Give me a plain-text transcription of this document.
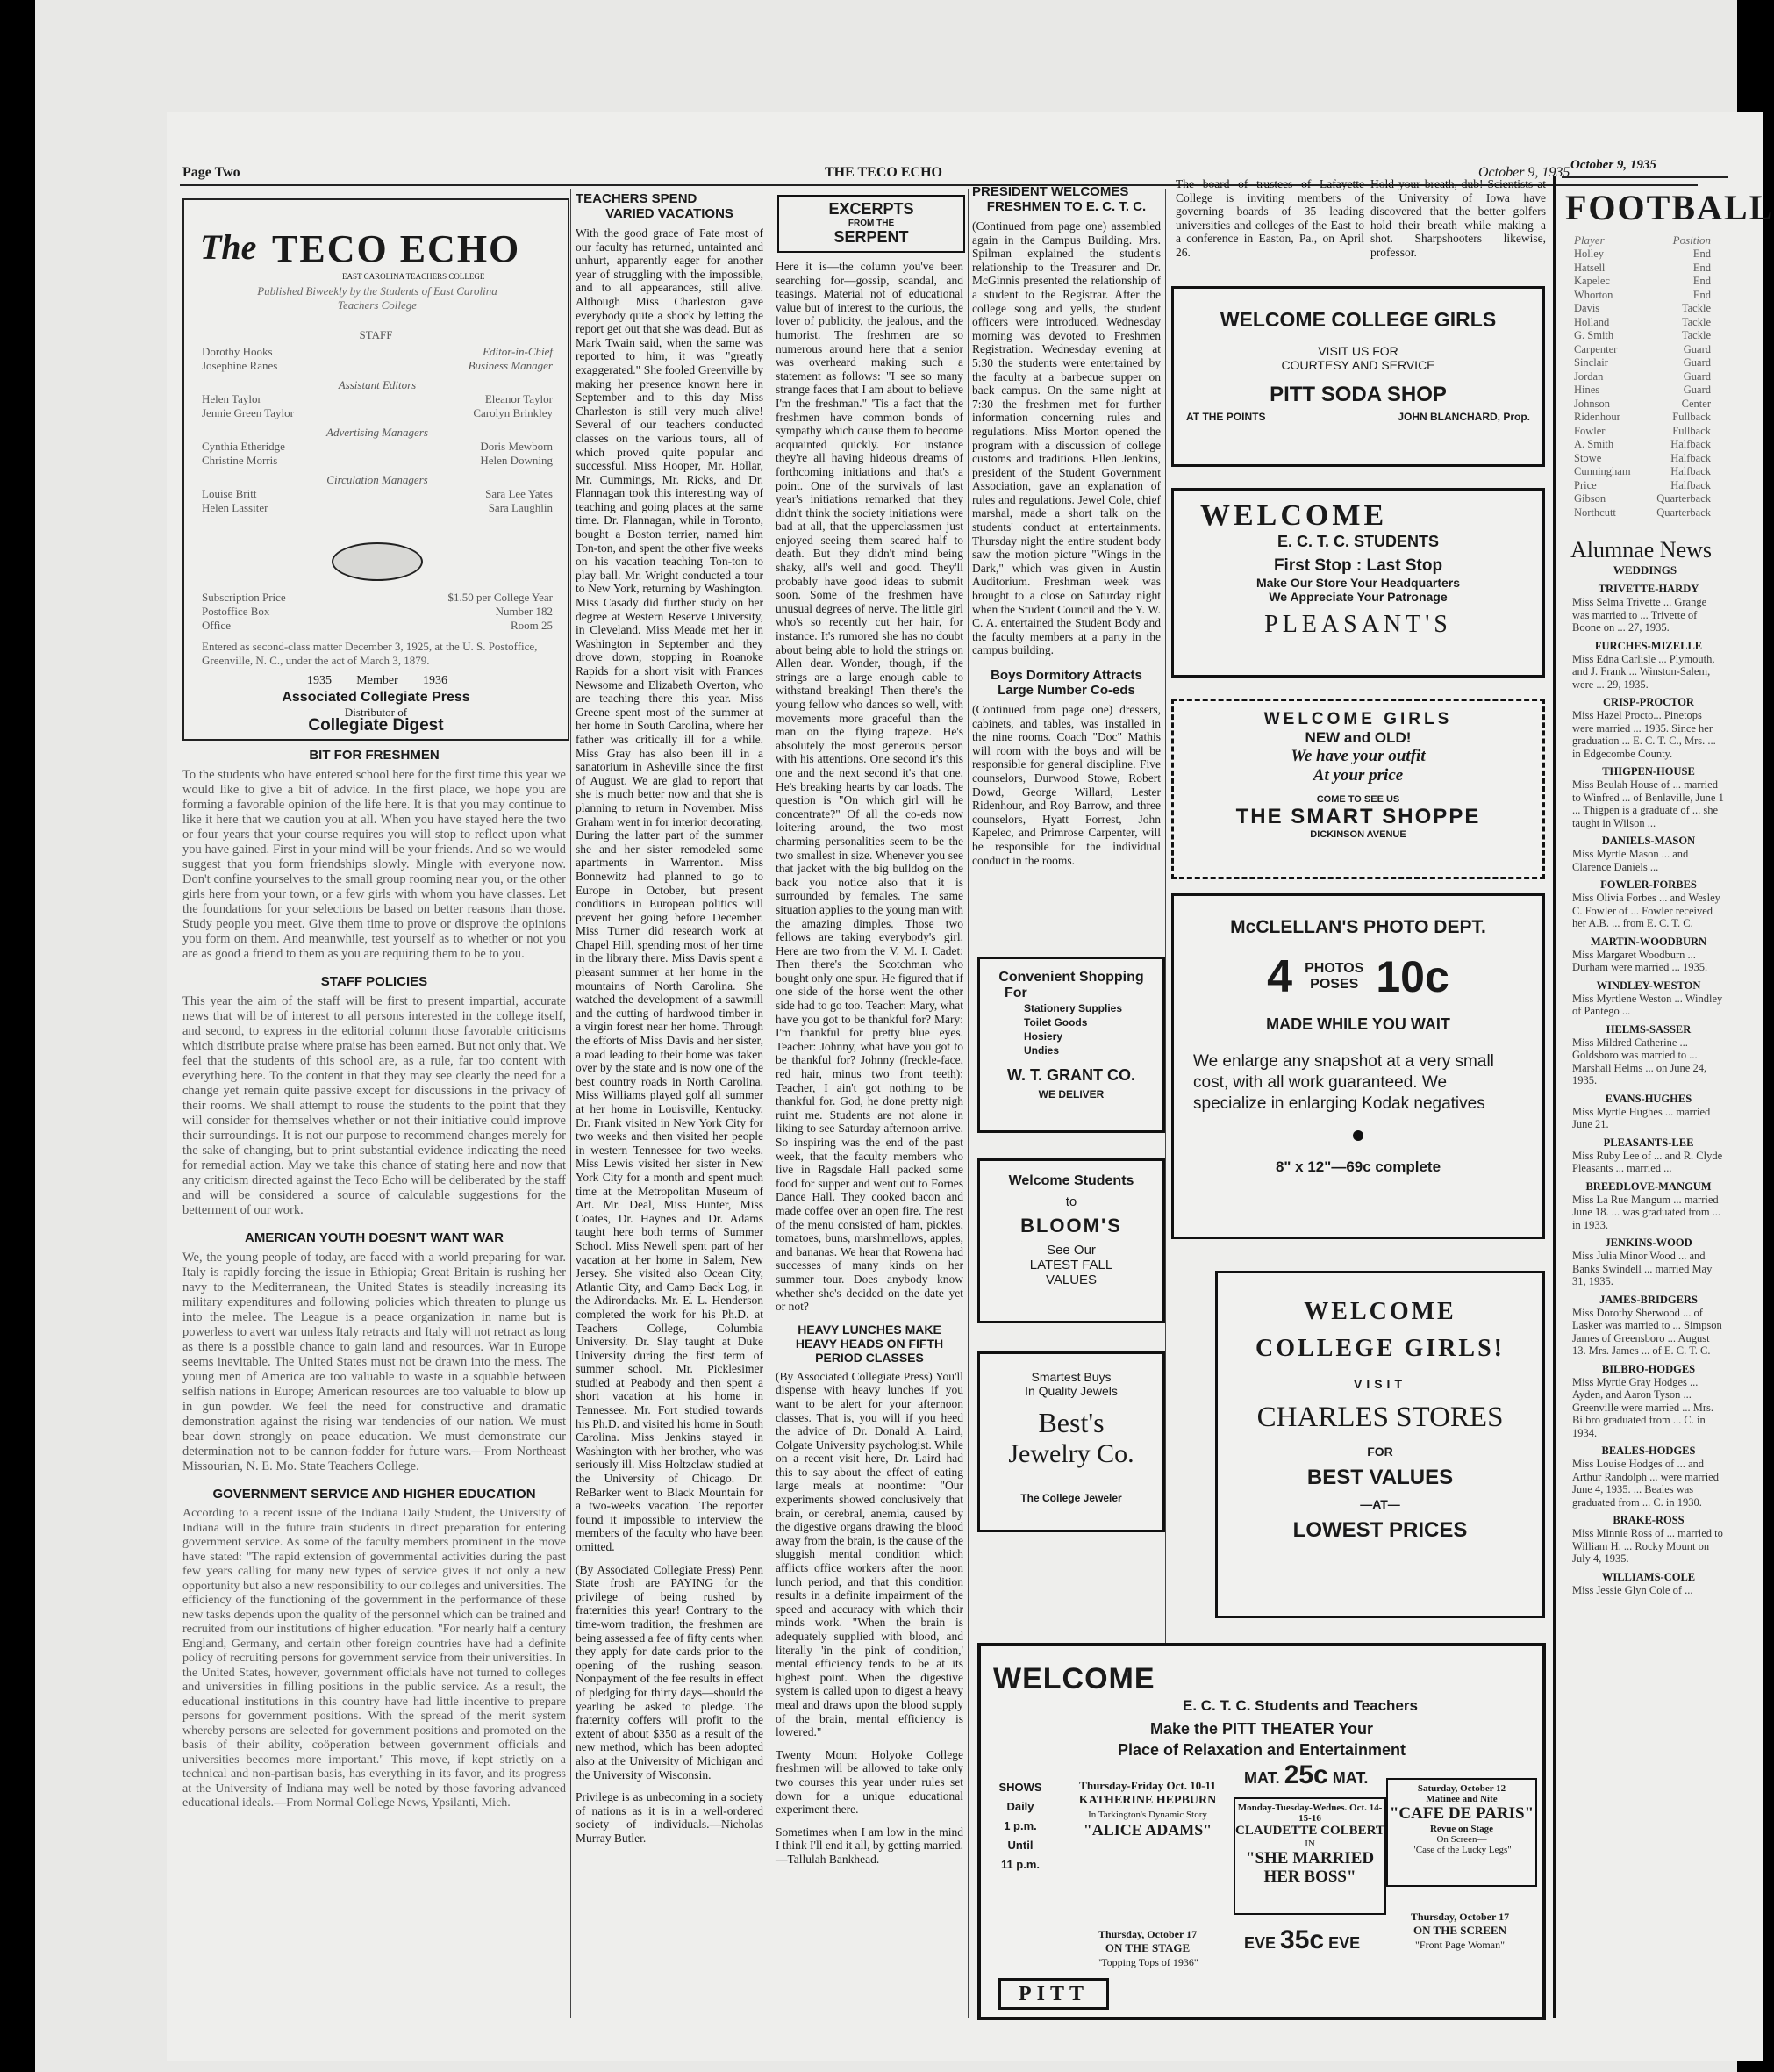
Page Two	THE TECO ECHO	October 9, 1935
The TECO ECHO
EAST CAROLINA TEACHERS COLLEGE
Published Biweekly by the Students of East Carolina Teachers College
STAFF
Dorothy Hooks	Editor-in-Chief
Josephine Ranes	Business Manager
Assistant Editors
Helen Taylor	Eleanor Taylor
Jennie Green Taylor	Carolyn Brinkley
Advertising Managers
Cynthia Etheridge	Doris Mewborn
Christine Morris	Helen Downing
Circulation Managers
Louise Britt	Sara Lee Yates
Helen Lassiter	Sara Laughlin
Subscription Price	$1.50 per College Year
Postoffice Box	Number 182
Office	Room 25
Entered as second-class matter December 3, 1925, at the U. S. Postoffice, Greenville, N. C., under the act of March 3, 1879.
1935 Member 1936
Associated Collegiate Press
Distributor of
Collegiate Digest
BIT FOR FRESHMEN
To the students who have entered school here for the first time this year we would like to give a bit of advice. In the first place, we hope you are forming a favorable opinion of the life here. It is that you may continue to like it here that we caution you at all. When you have stayed here the two or four years that your course requires you will stop to reflect upon what you have gained. First in your mind will be your friends. And so we would suggest that you form friendships slowly. Mingle with everyone now. Don't confine yourselves to the small group rooming near you, or the other girls here from your town, or a few girls with whom you have classes. Let the foundations for your selections be based on better reasons than those. Study people you meet. Give them time to prove or disprove the opinions you form on them. And meanwhile, test yourself as to whether or not you are as good a friend to them as you are requiring them to be to you.
STAFF POLICIES
This year the aim of the staff will be first to present impartial, accurate news that will be of interest to all persons interested in the college itself, and second, to express in the editorial column those favorable criticisms which distribute praise where praise has been earned. But not only that. We feel that the students of this school are, as a rule, far too content with everything here. To the content in that they may see clearly the need for a change yet remain quite passive except for discussions in the privacy of their rooms. We shall attempt to rouse the students to the point that they will consider for themselves whether or not their initiative could improve their surroundings. It is not our purpose to recommend changes merely for the sake of changing, but to print substantial evidence indicating the need for remedial action. May we take this chance of stating here and now that any criticism directed against the Teco Echo will be deliberated by the staff and will be considered a source of calculable suggestions for the betterment of our work.
AMERICAN YOUTH DOESN'T WANT WAR
We, the young people of today, are faced with a world preparing for war. Italy is rapidly forcing the issue in Ethiopia; Great Britain is rushing her navy to the Mediterranean, the United States is steadily increasing its military expenditures and following policies which threaten to plunge us into the melee. The League is a peace organization in name but is powerless to avert war unless Italy retracts and Italy will not retract as long as there is a possible chance to gain land and resources. War in Europe seems inevitable. The United States must not be drawn into the mess. The young men of America are too valuable to waste in a squabble between selfish nations in Europe; American resources are too valuable to blow up in gun powder. We feel the need for constructive and dramatic demonstration against the rising war tendencies of our nation. We must bear down strongly on peace education. We must demonstrate our determination not to be cannon-fodder for future wars.—From Northeast Missourian, N. E. Mo. State Teachers College.
GOVERNMENT SERVICE AND HIGHER EDUCATION
According to a recent issue of the Indiana Daily Student, the University of Indiana will in the future train students in direct preparation for entering government service. As some of the faculty members prominent in the move have stated: "The rapid extension of governmental activities during the past few years calling for many new types of service gives it not only a new opportunity but also a new responsibility to our colleges and universities. The efficiency of the functioning of the government in the performance of these new tasks depends upon the quality of the personnel which can be trained and recruited from our institutions of higher education. "For nearly half a century England, Germany, and certain other foreign countries have had a definite policy of recruiting persons for government service from their universities. In the United States, however, government officials have not turned to colleges and universities in filling positions in the public service. As a result, the educational institutions in this country have had little incentive to prepare persons for government positions. With the spread of the merit system whereby persons are selected for government positions and promoted on the basis of their ability, coöperation between government officials and universities becomes more important." This move, if kept strictly on a technical and non-partisan basis, has everything in its favor, and its progress at the University of Indiana may well be noted by those favoring advanced educational ideals.—From Normal College News, Ypsilanti, Mich.
TEACHERS SPEND
VARIED VACATIONS
With the good grace of Fate most of our faculty has returned, untainted and unhurt, apparently eager for another year of struggling with the impossible, and to all appearances, still alive. Although Miss Charleston gave everybody quite a shock by letting the report get out that she was dead. But as Mark Twain said, when the same was reported to him, it was "greatly exaggerated." She fooled Greenville by making her presence known here in September and to this day Miss Charleston is still very much alive! Several of our teachers conducted classes on the various tours, all of which proved quite popular and successful. Miss Hooper, Mr. Hollar, Mr. Cummings, Mr. Ricks, and Dr. Flannagan took this interesting way of teaching and going places at the same time. Dr. Flannagan, while in Toronto, bought a Boston terrier, named him Ton-ton, and spent the other five weeks on his vacation teaching Ton-ton to play ball. Mr. Wright conducted a tour to New York, returning by Washington. Miss Casady did further study on her degree at Western Reserve University, in Cleveland. Miss Meade met her in Washington in September and they drove down, stopping in Roanoke Rapids for a short visit with Frances Newsome and Elizabeth Overton, who are teaching there this year. Miss Greene spent most of the summer at her home in South Carolina, where her father was critically ill for a while. Miss Gray has also been ill in a sanatorium in Asheville since the first of August. We are glad to report that she is much better now and that she is planning to return in November. Miss Graham went in for interior decorating. During the latter part of the summer she and her sister remodeled some apartments in Warrenton. Miss Bonnewitz had planned to go to Europe in October, but present conditions in European politics will prevent her going before December. Miss Turner did research work at Chapel Hill, spending most of her time in the library there. Miss Davis spent a pleasant summer at her home in the mountains of North Carolina. She watched the development of a sawmill and the cutting of hardwood timber in a virgin forest near her home. Through the efforts of Miss Davis and her sister, a road leading to their home was taken over by the state and is now one of the best country roads in North Carolina. Miss Williams played golf all summer at her home in Louisville, Kentucky. Dr. Frank visited in New York City for two weeks and then visited her people in western Tennessee for two weeks. Miss Lewis visited her sister in New York City for a month and spent much time at the Metropolitan Museum of Art. Mr. Deal, Miss Hunter, Miss Coates, Dr. Haynes and Dr. Adams taught here both terms of Summer School. Miss Newell spent part of her vacation at her home in Salem, New Jersey. She visited also Ocean City, Atlantic City, and Camp Back Log, in the Adirondacks. Mr. E. L. Henderson completed the work for his Ph.D. at Teachers College, Columbia University. Dr. Slay taught at Duke University during the first term of summer school. Mr. Picklesimer studied at Peabody and then spent a short vacation at his home in Tennessee. Mr. Fort studied towards his Ph.D. and visited his home in South Carolina. Miss Jenkins stayed in Washington with her brother, who was seriously ill. Miss Holtzclaw studied at the University of Chicago. Dr. ReBarker went to Black Mountain for a two-weeks vacation. The reporter found it impossible to interview the members of the faculty who have been omitted.
(By Associated Collegiate Press) Penn State frosh are PAYING for the privilege of being rushed by fraternities this year! Contrary to the time-worn tradition, the freshmen are being assessed a fee of fifty cents when they apply for date cards prior to the opening of the rushing season. Nonpayment of the fee results in effect of pledging for thirty days—should the yearling be asked to pledge. The fraternity coffers will profit to the extent of about $350 as a result of the new method, which has been adopted also at the University of Michigan and the University of Wisconsin.
Privilege is as unbecoming in a society of nations as it is in a well-ordered society of individuals.—Nicholas Murray Butler.
EXCERPTS
FROM THE
SERPENT
Here it is—the column you've been searching for—gossip, scandal, and teasings. Material not of educational value but of interest to the curious, the lover of publicity, the jealous, and the humorist. The freshmen are so numerous around here that a senior was overheard making such a statement as follows: "I see so many strange faces that I am about to believe I'm the freshman." 'Tis a fact that the freshmen have common bonds of sympathy which cause them to become acquainted quickly. For instance they're all having hideous dreams of forthcoming initiations and that's a point. One of the survivals of last year's initiations remarked that they didn't think the society initiations were bad at all, that the upperclassmen just enjoyed seeing them scared half to death. But they didn't mind being shaky, all's well and good. They'll probably have good ideas to submit soon. Some of the freshmen have unusual degrees of nerve. The little girl who's so recently cut her hair, for instance. It's rumored she has no doubt about being able to hold the strings on Allen dear. Wonder, though, if the strings are a large enough cable to withstand breaking! Then there's the young fellow who dances so well, with movements more graceful than the man on the flying trapeze. He's absolutely the most generous person with his attentions. One second it's this one and the next second it's that one. He's breaking hearts by car loads. The question is "On which girl will he concentrate?" Of all the co-eds now loitering around, the two most charming personalities seem to be the two smallest in size. Whenever you see that jacket with the big bulldog on the back you notice also that it is surrounded by females. The same situation applies to the young man with the amazing dimples. Those two fellows are taking everybody's girl. Here are two from the V. M. I. Cadet: Then there's the Scotchman who bought only one spur. He figured that if one side of the horse went the other side had to go too. Teacher: Mary, what have you got to be thankful for? Mary: I'm thankful for pretty blue eyes. Teacher: Johnny, what have you got to be thankful for? Johnny (freckle-face, red hair, minus two front teeth): Teacher, I ain't got nothing to be thankful for. God, he done pretty nigh ruint me. Students are not alone in liking to see Saturday afternoon arrive. So inspiring was the end of the past week, that the faculty members who live in Ragsdale Hall packed some food for supper and went out to Fornes Dance Hall. They cooked bacon and made coffee over an open fire. The rest of the menu consisted of ham, pickles, tomatoes, buns, marshmellows, apples, and bananas. We hear that Rowena had successes of many kinds on her summer tour. Does anybody know whether she's decided on the date yet or not?
HEAVY LUNCHES MAKE HEAVY HEADS ON FIFTH PERIOD CLASSES
(By Associated Collegiate Press) You'll dispense with heavy lunches if you want to be alert for your afternoon classes. That is, you will if you heed the advice of Dr. Donald A. Laird, Colgate University psychologist. While on a recent visit here, Dr. Laird had this to say about the effect of eating large meals at noontime: "Our experiments showed conclusively that brain, or cerebral, anemia, caused by the digestive organs drawing the blood away from the brain, is the cause of the sluggish mental condition which afflicts office workers after the noon lunch period, and that this condition results in a definite impairment of the speed and accuracy with which their minds work. "When the brain is adequately supplied with blood, and literally 'in the pink of condition,' mental efficiency tends to be at its highest point. When the digestive system is called upon to digest a heavy meal and draws upon the blood supply of the brain, mental efficiency is lowered."
Twenty Mount Holyoke College freshmen will be allowed to take only two courses this year under rules set down for a unique educational experiment there.
Sometimes when I am low in the mind I think I'll end it all, by getting married.—Tallulah Bankhead.
PRESIDENT WELCOMES
FRESHMEN TO E. C. T. C.
(Continued from page one) assembled again in the Campus Building. Mrs. Spilman explained the student's relationship to the Treasurer and Dr. McGinnis presented the relationship of a student to the Registrar. After the college song and yells, the student officers were introduced. Wednesday morning was devoted to Freshmen Registration. Wednesday evening at 5:30 the students were entertained by the faculty at a barbecue supper on back campus. On the same night at 7:30 the freshmen met for further information concerning rules and regulations. Miss Morton opened the program with a discussion of college customs and traditions. Ellen Jenkins, president of the Student Government Association, gave an explanation of rules and regulations. Jewel Cole, chief marshal, made a short talk on the students' conduct at entertainments. Thursday night the entire student body saw the motion picture "Wings in the Dark," which was given in Austin Auditorium. Freshman week was brought to a close on Saturday night when the Student Council and the Y. W. C. A. entertained the Student Body and the faculty members at a party in the campus building.
Boys Dormitory Attracts
Large Number Co-eds
(Continued from page one) dressers, cabinets, and tables, was installed in the nine rooms. Coach "Doc" Mathis will room with the boys and will be responsible for general discipline. Five counselors, Durwood Stowe, Robert Dowd, George Willard, Lester Ridenhour, and Roy Barrow, and three counselors, Hyatt Forrest, John Kapelec, and Primrose Carpenter, will be responsible for the individual conduct in the rooms.
The board of trustees of Lafayette College is inviting members of governing boards of 35 leading universities and colleges of the East to a conference in Easton, Pa., on April 26.
Hold your breath, dub! Scientists at the University of Iowa have discovered that the better golfers hold their breath while making a shot. Sharpshooters likewise, professor.
WELCOME COLLEGE GIRLS
VISIT US FOR
COURTESY AND SERVICE
PITT SODA SHOP
AT THE POINTS	JOHN BLANCHARD, Prop.
WELCOME
E. C. T. C. STUDENTS
First Stop : Last Stop
Make Our Store Your Headquarters
We Appreciate Your Patronage
PLEASANT'S
WELCOME GIRLS
NEW and OLD!
We have your outfit
At your price
COME TO SEE US
THE SMART SHOPPE
DICKINSON AVENUE
McCLELLAN'S PHOTO DEPT.
4 PHOTOS
POSES 10c
MADE WHILE YOU WAIT
We enlarge any snapshot at a very small cost, with all work guaranteed. We specialize in enlarging Kodak negatives
8" x 12"—69c complete
Convenient Shopping
For
Stationery Supplies
Toilet Goods
Hosiery
Undies
W. T. GRANT CO.
WE DELIVER
Welcome Students
to
BLOOM'S
See Our
LATEST FALL
VALUES
Smartest Buys
In Quality Jewels
Best's
Jewelry Co.
The College Jeweler
WELCOME
COLLEGE GIRLS!
VISIT
CHARLES STORES
FOR
BEST VALUES
—AT—
LOWEST PRICES
WELCOME
E. C. T. C. Students and Teachers
Make the PITT THEATER Your
Place of Relaxation and Entertainment
SHOWS
Daily
1 p.m.
Until
11 p.m.
Thursday-Friday Oct. 10-11
KATHERINE HEPBURN
In Tarkington's Dynamic Story
"ALICE ADAMS"
MAT. 25c MAT.
Monday-Tuesday-Wednes. Oct. 14-15-16
CLAUDETTE COLBERT
IN
"SHE MARRIED HER BOSS"
Saturday, October 12
Matinee and Nite
"CAFE DE PARIS"
Revue on Stage
On Screen—
"Case of the Lucky Legs"
Thursday, October 17
ON THE STAGE
"Topping Tops of 1936"
EVE 35c EVE
Thursday, October 17
ON THE SCREEN
"Front Page Woman"
PITT
October 9, 1935
FOOTBALL
Player	Position
Holley	End
Hatsell	End
Kapelec	End
Whorton	End
Davis	Tackle
Holland	Tackle
G. Smith	Tackle
Carpenter	Guard
Sinclair	Guard
Jordan	Guard
Hines	Guard
Johnson	Center
Ridenhour	Fullback
Fowler	Fullback
A. Smith	Halfback
Stowe	Halfback
Cunningham	Halfback
Price	Halfback
Gibson	Quarterback
Northcutt	Quarterback
Alumnae News
WEDDINGS
TRIVETTE-HARDY
Miss Selma Trivette ... Grange was married to ... Trivette of Boone on ... 27, 1935.
FURCHES-MIZELLE
Miss Edna Carlisle ... Plymouth, and J. Frank ... Winston-Salem, were ... 29, 1935.
CRISP-PROCTOR
Miss Hazel Procto... Pinetops were married ... 1935. Since her graduation ... E. C. T. C., Mrs. ... in Edgecombe County.
THIGPEN-HOUSE
Miss Beulah House of ... married to Winfred ... of Benlaville, June 1 ... Thigpen is a graduate of ... she taught in Wilson ...
DANIELS-MASON
Miss Myrtle Mason ... and Clarence Daniels ...
FOWLER-FORBES
Miss Olivia Forbes ... and Wesley C. Fowler of ... Fowler received her A.B. ... from E. C. T. C.
MARTIN-WOODBURN
Miss Margaret Woodburn ... Durham were married ... 1935.
WINDLEY-WESTON
Miss Myrtlene Weston ... Windley of Pantego ...
HELMS-SASSER
Miss Mildred Catherine ... Goldsboro was married to ... Marshall Helms ... on June 24, 1935.
EVANS-HUGHES
Miss Myrtle Hughes ... married June 21.
PLEASANTS-LEE
Miss Ruby Lee of ... and R. Clyde Pleasants ... married ...
BREEDLOVE-MANGUM
Miss La Rue Mangum ... married June 18. ... was graduated from ... in 1933.
JENKINS-WOOD
Miss Julia Minor Wood ... and Banks Swindell ... married May 31, 1935.
JAMES-BRIDGERS
Miss Dorothy Sherwood ... of Lasker was married to ... Simpson James of Greensboro ... August 13. Mrs. James ... of E. C. T. C.
BILBRO-HODGES
Miss Myrtie Gray Hodges ... Ayden, and Aaron Tyson ... Greenville were married ... Mrs. Bilbro graduated from ... C. in 1934.
BEALES-HODGES
Miss Louise Hodges of ... and Arthur Randolph ... were married June 4, 1935. ... Beales was graduated from ... C. in 1930.
BRAKE-ROSS
Miss Minnie Ross of ... married to William H. ... Rocky Mount on July 4, 1935.
WILLIAMS-COLE
Miss Jessie Glyn Cole of ...
